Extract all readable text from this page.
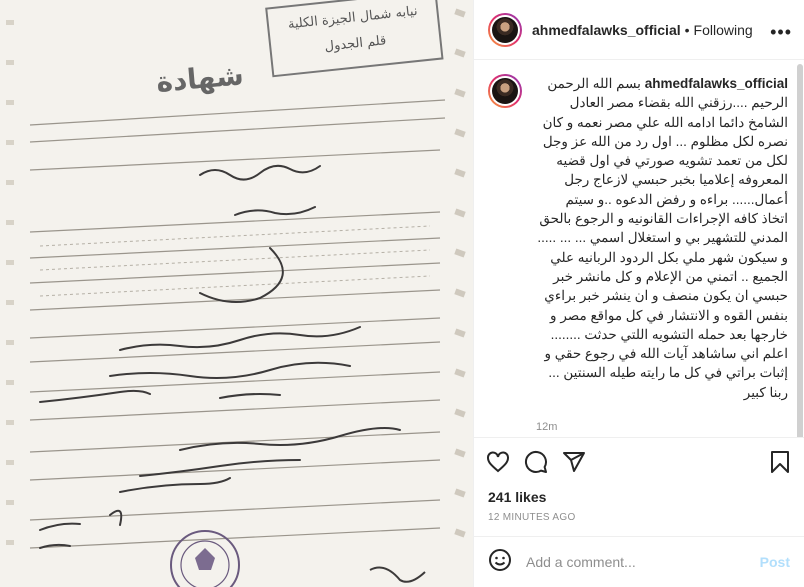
نيابه شمال الجيزة الكلية
قلم الجدول
شهادة
ahmedfalawks_official • Following •••
ahmedfalawks_official بسم الله الرحمن الرحيم ....رزقني الله بقضاء مصر العادل الشامخ دائما ادامه الله علي مصر نعمه و كان نصره لكل مظلوم ... اول رد من الله عز وجل لكل من تعمد تشويه صورتي في اول قضيه المعروفه إعلاميا بخبر حبسي لازعاج رجل أعمال...... براءه و رفض الدعوه ..و سيتم اتخاذ كافه الإجراءات القانونيه و الرجوع بالحق المدني للتشهير بي و استغلال اسمي ... ... ..... و سيكون شهر ملي بكل الردود الربانيه علي الجميع .. اتمني من الإعلام و كل مانشر خبر حبسي ان يكون منصف و ان ينشر خبر براءي بنفس القوه و الانتشار في كل مواقع مصر و خارجها بعد حمله التشويه اللتي حدثت ........ اعلم اني ساشاهد آيات الله في رجوع حقي و إثبات براتي في كل ما رايته طيله السنتين ... ربنا كبير
12m
241 likes
12 MINUTES AGO
Add a comment...	Post
